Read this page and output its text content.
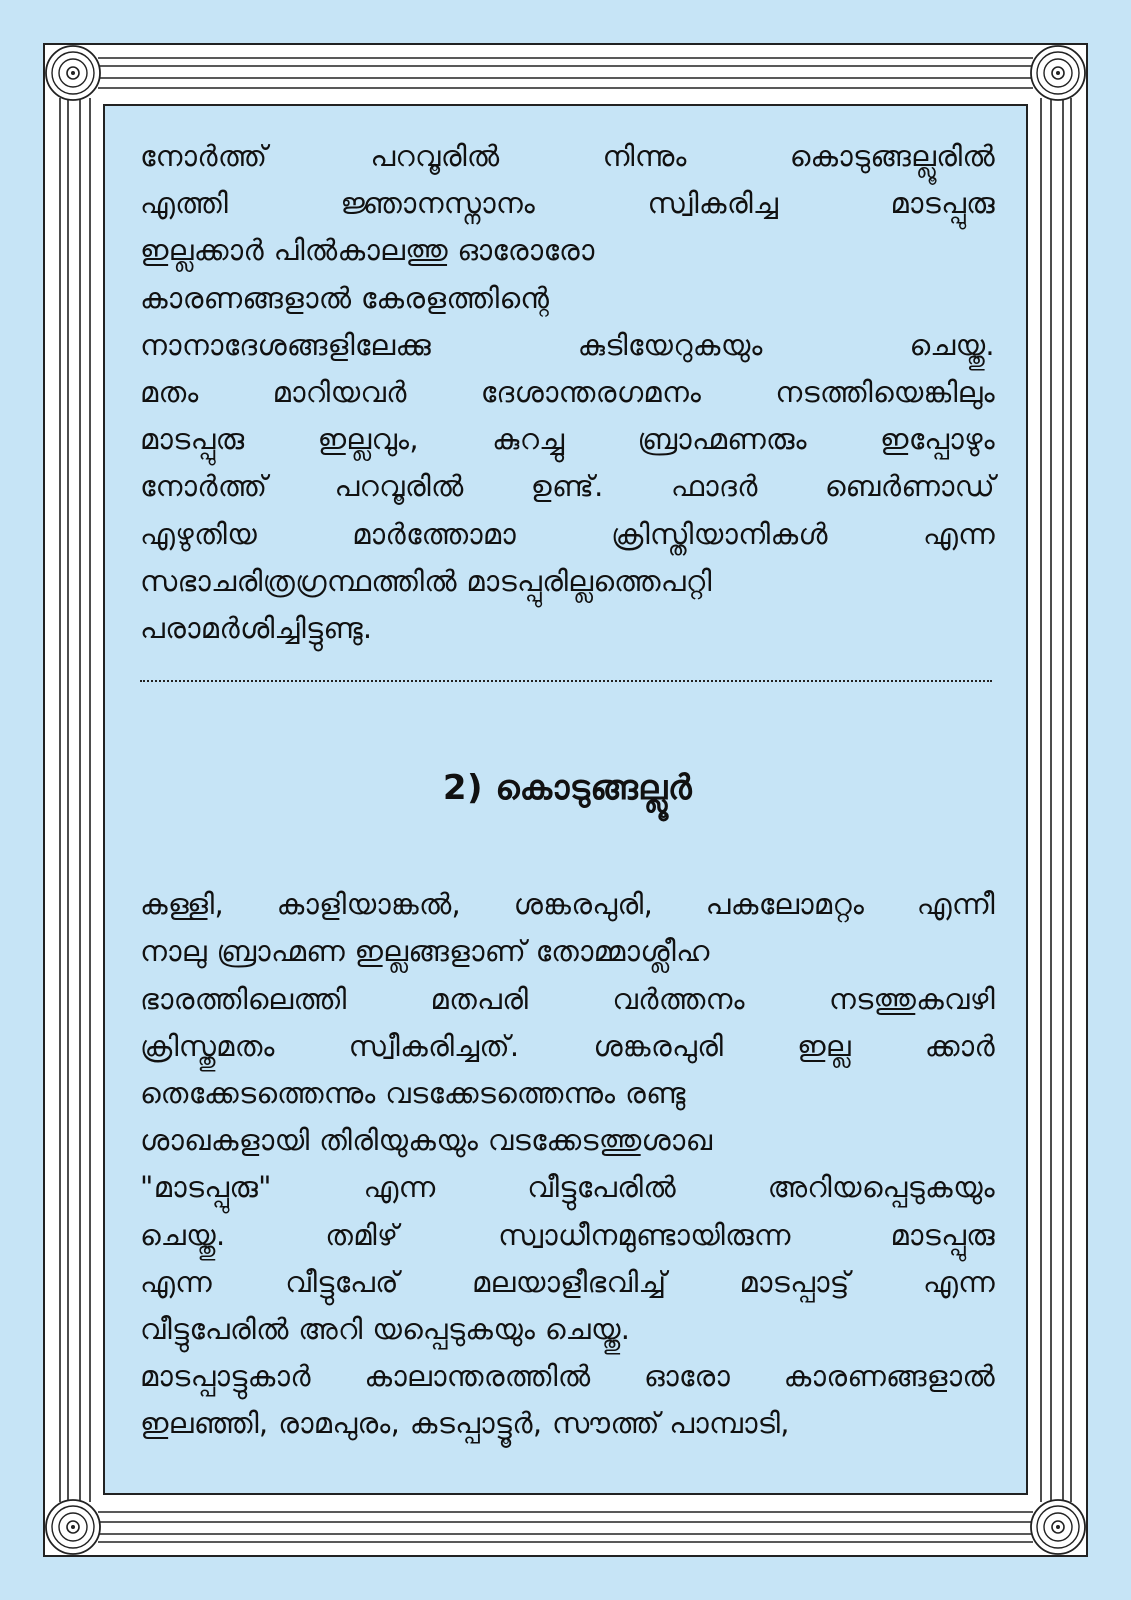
നോർത്ത്	പറവൂരിൽ	നിന്നും	കൊടുങ്ങല്ലൂരിൽ

എത്തി	ജ്ഞാനസ്നാനം	സ്വികരിച്ച	മാടപ്പുരു

ഇല്ലക്കാർ പിൽകാലത്തു ഓരോരോ

കാരണങ്ങളാൽ കേരളത്തിന്റെ

നാനാദേശങ്ങളിലേക്കു	കുടിയേറുകയും	ചെയ്തു.

മതം	മാറിയവർ	ദേശാന്തരഗമനം	നടത്തിയെങ്കിലും

മാടപ്പുരു	ഇല്ലവും,	കുറച്ചു	ബ്രാഹ്മണരും	ഇപ്പോഴും

നോർത്ത് പറവൂരിൽ ഉണ്ട്. ഫാദർ ബെർണാഡ്

എഴുതിയ	മാർത്തോമാ	ക്രിസ്തിയാനികൾ	എന്ന

സഭാചരിത്രഗ്രന്ഥത്തിൽ മാടപ്പുരില്ലത്തെപറ്റി

പരാമർശിച്ചിട്ടുണ്ടു.

2) കൊടുങ്ങല്ലൂർ

കള്ളി, കാളിയാങ്കൽ, ശങ്കരപുരി, പകലോമറ്റം എന്നീ

നാലു ബ്രാഹ്മണ ഇല്ലങ്ങളാണ് തോമ്മാശ്ലീഹ

ഭാരത്തിലെത്തി	മതപരി	വർത്തനം	നടത്തുകവഴി

ക്രിസ്തുമതം	സ്വീകരിച്ചത്.	ശങ്കരപുരി	ഇല്ല	ക്കാർ

തെക്കേടത്തെന്നും വടക്കേടത്തെന്നും രണ്ടു

ശാഖകളായി തിരിയുകയും വടക്കേടത്തുശാഖ

"മാടപ്പുരു"	എന്ന	വീട്ടുപേരിൽ	അറിയപ്പെടുകയും

ചെയ്തു.	തമിഴ്	സ്വാധീനമുണ്ടായിരുന്ന	മാടപ്പുരു

എന്ന	വീട്ടുപേര്	മലയാളീഭവിച്ച്	മാടപ്പാട്ട്	എന്ന

വീട്ടുപേരിൽ അറി യപ്പെടുകയും ചെയ്തു.

മാടപ്പാട്ടുകാർ കാലാന്തരത്തിൽ ഓരോ കാരണങ്ങളാൽ

ഇലഞ്ഞി, രാമപുരം, കടപ്പാട്ടൂർ, സൗത്ത് പാമ്പാടി,
